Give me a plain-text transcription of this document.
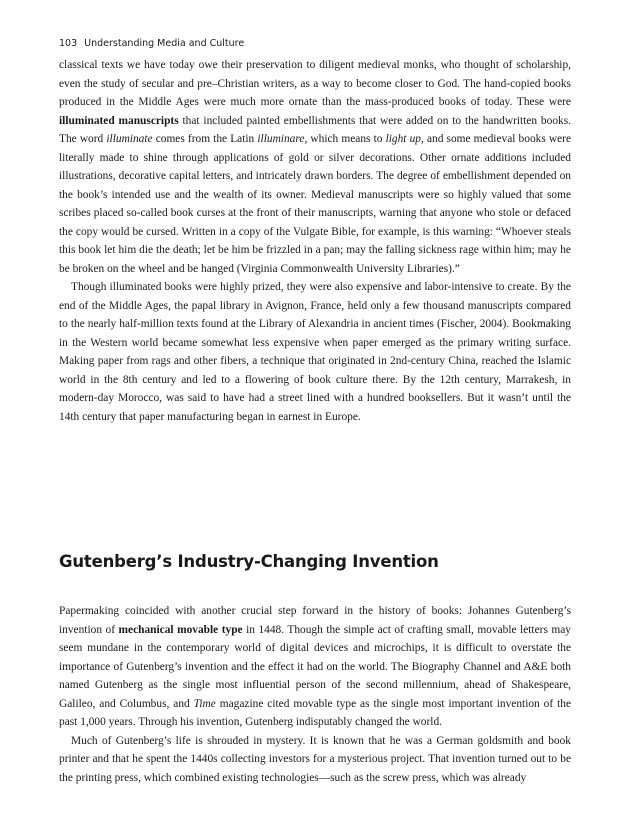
103 Understanding Media and Culture

classical texts we have today owe their preservation to diligent medieval monks, who thought of scholarship, even the study of secular and pre–Christian writers, as a way to become closer to God. The hand-copied books produced in the Middle Ages were much more ornate than the mass-produced books of today. These were illuminated manuscripts that included painted embellishments that were added on to the handwritten books. The word illuminate comes from the Latin illuminare, which means to light up, and some medieval books were literally made to shine through applications of gold or silver decorations. Other ornate additions included illustrations, decorative capital letters, and intricately drawn borders. The degree of embellishment depended on the book’s intended use and the wealth of its owner. Medieval manuscripts were so highly valued that some scribes placed so-called book curses at the front of their manuscripts, warning that anyone who stole or defaced the copy would be cursed. Written in a copy of the Vulgate Bible, for example, is this warning: “Whoever steals this book let him die the death; let be him be frizzled in a pan; may the falling sickness rage within him; may he be broken on the wheel and be hanged (Virginia Commonwealth University Libraries).”

Though illuminated books were highly prized, they were also expensive and labor-intensive to create. By the end of the Middle Ages, the papal library in Avignon, France, held only a few thousand manuscripts compared to the nearly half-million texts found at the Library of Alexandria in ancient times (Fischer, 2004). Bookmaking in the Western world became somewhat less expensive when paper emerged as the primary writing surface. Making paper from rags and other fibers, a technique that originated in 2nd-century China, reached the Islamic world in the 8th century and led to a flowering of book culture there. By the 12th century, Marrakesh, in modern-day Morocco, was said to have had a street lined with a hundred booksellers. But it wasn’t until the 14th century that paper manufacturing began in earnest in Europe.

Gutenberg’s Industry-Changing Invention

Papermaking coincided with another crucial step forward in the history of books: Johannes Gutenberg’s invention of mechanical movable type in 1448. Though the simple act of crafting small, movable letters may seem mundane in the contemporary world of digital devices and microchips, it is difficult to overstate the importance of Gutenberg’s invention and the effect it had on the world. The Biography Channel and A&E both named Gutenberg as the single most influential person of the second millennium, ahead of Shakespeare, Galileo, and Columbus, and Time magazine cited movable type as the single most important invention of the past 1,000 years. Through his invention, Gutenberg indisputably changed the world.

Much of Gutenberg’s life is shrouded in mystery. It is known that he was a German goldsmith and book printer and that he spent the 1440s collecting investors for a mysterious project. That invention turned out to be the printing press, which combined existing technologies—such as the screw press, which was already
